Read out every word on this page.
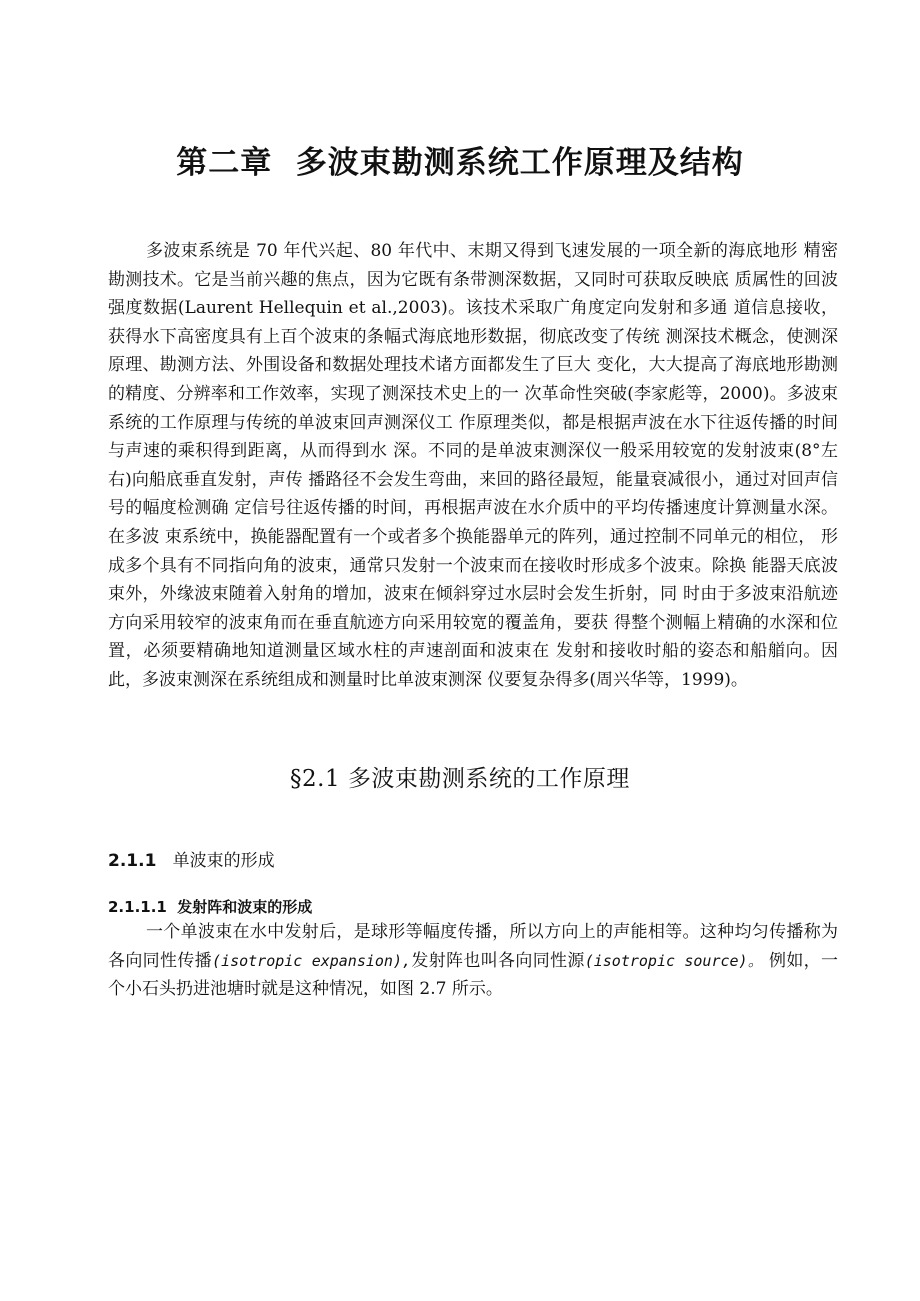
第二章  多波束勘测系统工作原理及结构

多波束系统是 70 年代兴起、80 年代中、末期又得到飞速发展的一项全新的海底地形 精密勘测技术。它是当前兴趣的焦点，因为它既有条带测深数据，又同时可获取反映底 质属性的回波强度数据(Laurent Hellequin et al.,2003)。该技术采取广角度定向发射和多通 道信息接收，获得水下高密度具有上百个波束的条幅式海底地形数据，彻底改变了传统 测深技术概念，使测深原理、勘测方法、外围设备和数据处理技术诸方面都发生了巨大 变化，大大提高了海底地形勘测的精度、分辨率和工作效率，实现了测深技术史上的一 次革命性突破(李家彪等，2000)。多波束系统的工作原理与传统的单波束回声测深仪工 作原理类似，都是根据声波在水下往返传播的时间与声速的乘积得到距离，从而得到水 深。不同的是单波束测深仪一般采用较宽的发射波束(8°左右)向船底垂直发射，声传 播路径不会发生弯曲，来回的路径最短，能量衰减很小，通过对回声信号的幅度检测确 定信号往返传播的时间，再根据声波在水介质中的平均传播速度计算测量水深。在多波 束系统中，换能器配置有一个或者多个换能器单元的阵列，通过控制不同单元的相位， 形成多个具有不同指向角的波束，通常只发射一个波束而在接收时形成多个波束。除换 能器天底波束外，外缘波束随着入射角的增加，波束在倾斜穿过水层时会发生折射，同 时由于多波束沿航迹方向采用较窄的波束角而在垂直航迹方向采用较宽的覆盖角，要获 得整个测幅上精确的水深和位置，必须要精确地知道测量区域水柱的声速剖面和波束在 发射和接收时船的姿态和船艏向。因此，多波束测深在系统组成和测量时比单波束测深 仪要复杂得多(周兴华等，1999)。

§2.1 多波束勘测系统的工作原理
2.1.1 单波束的形成
2.1.1.1 发射阵和波束的形成

一个单波束在水中发射后，是球形等幅度传播，所以方向上的声能相等。这种均匀传播称为各向同性传播(isotropic expansion),发射阵也叫各向同性源(isotropic source)。 例如，一个小石头扔进池塘时就是这种情况，如图 2.7 所示。
